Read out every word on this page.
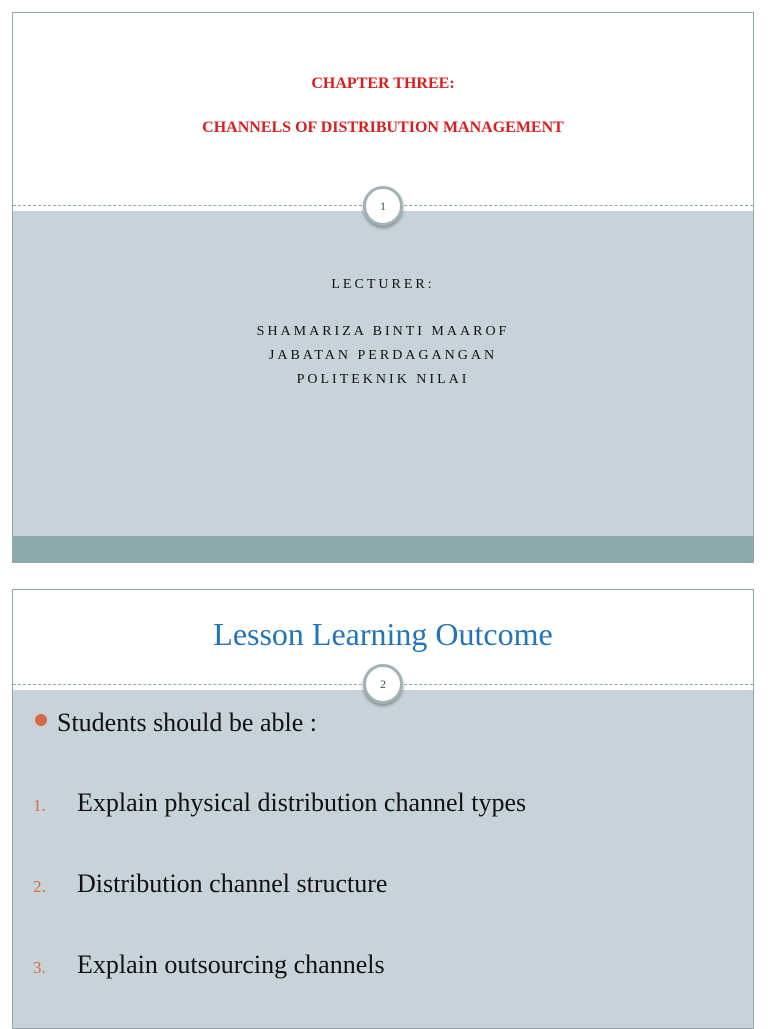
CHAPTER THREE:
CHANNELS OF DISTRIBUTION MANAGEMENT
1
LECTURER:
SHAMARIZA BINTI MAAROF
JABATAN PERDAGANGAN
POLITEKNIK NILAI
Lesson Learning Outcome
2
Students should be able :
1.	Explain physical distribution channel types
2.	Distribution channel structure
3.	Explain outsourcing channels
